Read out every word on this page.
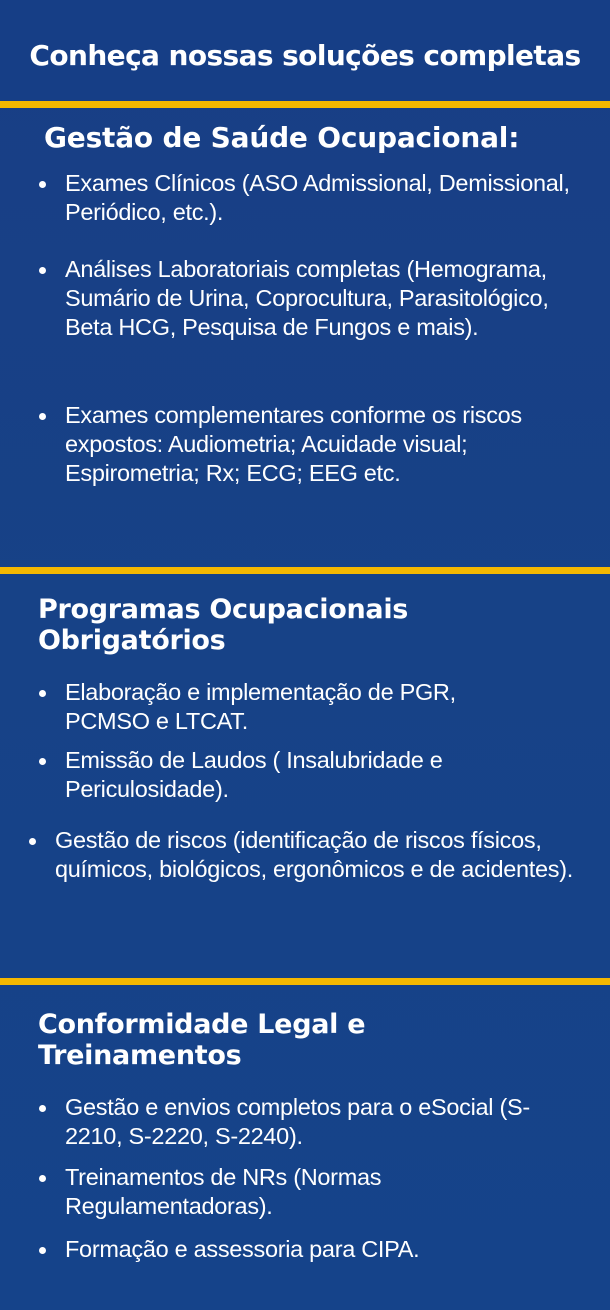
Conheça nossas soluções completas
Gestão de Saúde Ocupacional:
Exames Clínicos (ASO Admissional, Demissional, Periódico, etc.).
Análises Laboratoriais completas (Hemograma, Sumário de Urina, Coprocultura, Parasitológico, Beta HCG, Pesquisa de Fungos e mais).
Exames complementares conforme os riscos expostos: Audiometria; Acuidade visual; Espirometria; Rx; ECG; EEG etc.
Programas Ocupacionais Obrigatórios
Elaboração e implementação de PGR, PCMSO e LTCAT.
Emissão de Laudos ( Insalubridade e Periculosidade).
Gestão de riscos (identificação de riscos físicos, químicos, biológicos, ergonômicos e de acidentes).
Conformidade Legal e Treinamentos
Gestão e envios completos para o eSocial (S-2210, S-2220, S-2240).
Treinamentos de NRs (Normas Regulamentadoras).
Formação e assessoria para CIPA.
